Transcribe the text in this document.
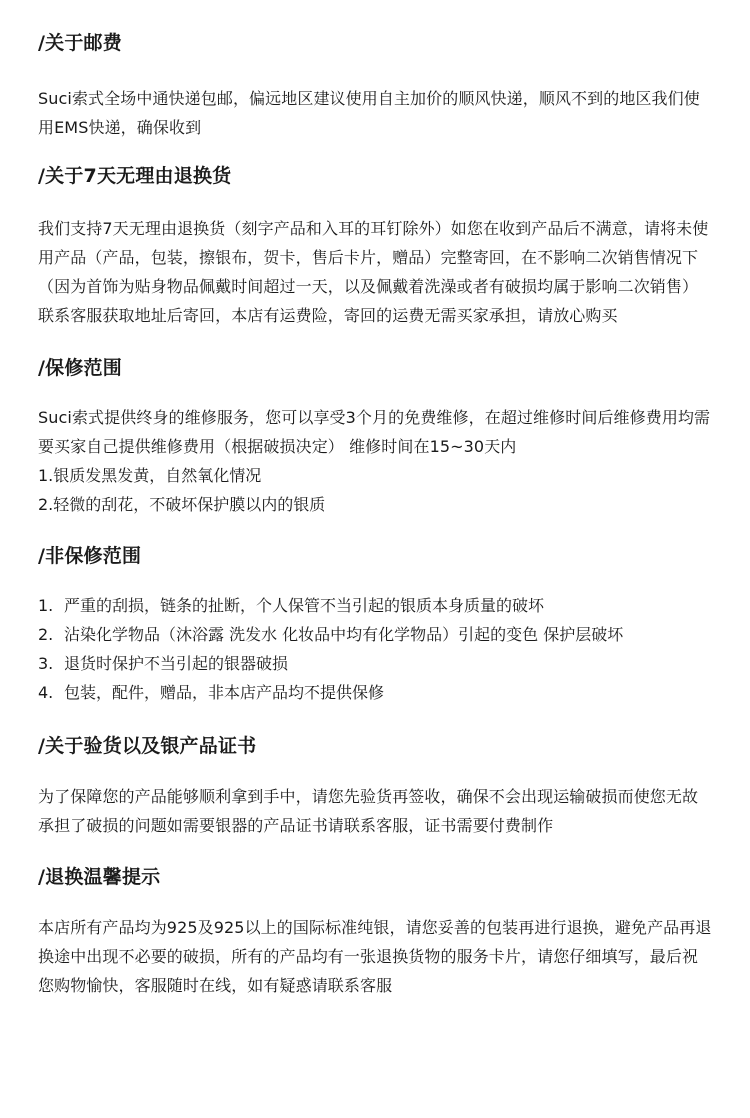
/关于邮费

Suci索式全场中通快递包邮，偏远地区建议使用自主加价的顺风快递，顺风不到的地区我们使用EMS快递，确保收到

/关于7天无理由退换货

我们支持7天无理由退换货（刻字产品和入耳的耳钉除外）如您在收到产品后不满意，请将未使用产品（产品，包装，擦银布，贺卡，售后卡片，赠品）完整寄回，在不影响二次销售情况下（因为首饰为贴身物品佩戴时间超过一天，以及佩戴着洗澡或者有破损均属于影响二次销售）联系客服获取地址后寄回，本店有运费险，寄回的运费无需买家承担，请放心购买

/保修范围

Suci索式提供终身的维修服务，您可以享受3个月的免费维修，在超过维修时间后维修费用均需要买家自己提供维修费用（根据破损决定） 维修时间在15~30天内

1.银质发黑发黄，自然氧化情况
2.轻微的刮花，不破坏保护膜以内的银质
/非保修范围
1. 严重的刮损，链条的扯断，个人保管不当引起的银质本身质量的破坏
2. 沾染化学物品（沐浴露 洗发水 化妆品中均有化学物品）引起的变色 保护层破坏
3. 退货时保护不当引起的银器破损
4. 包装，配件，赠品，非本店产品均不提供保修
/关于验货以及银产品证书

为了保障您的产品能够顺利拿到手中，请您先验货再签收，确保不会出现运输破损而使您无故承担了破损的问题如需要银器的产品证书请联系客服，证书需要付费制作

/退换温馨提示

本店所有产品均为925及925以上的国际标准纯银，请您妥善的包装再进行退换，避免产品再退换途中出现不必要的破损，所有的产品均有一张退换货物的服务卡片，请您仔细填写，最后祝您购物愉快，客服随时在线，如有疑惑请联系客服
